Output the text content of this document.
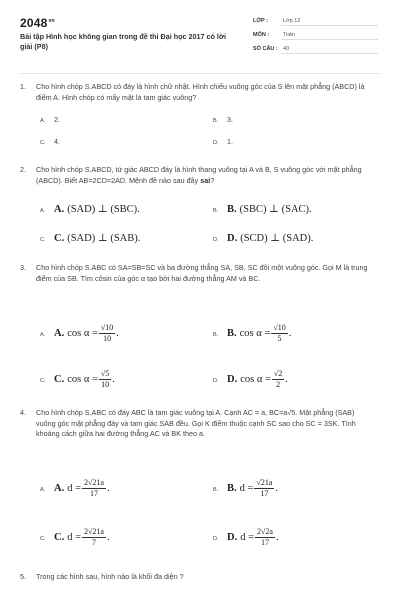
$2048_{vn}$
Bài tập Hình học không gian trong đề thi Đại học 2017 có lời giải (P8)
LỚP :	Lớp 12
MÔN :	Toán
SỐ CÂU : 40
1. Cho hình chóp S.ABCD có đáy là hình chữ nhật. Hình chiếu vuông góc của S lên mặt phẳng (ABCD) là điểm A. Hình chóp có mấy mặt là tam giác vuông?
A. 2.	B. 3.
C. 4.	D. 1.
2. Cho hình chóp S.ABCD, tứ giác ABCD đáy là hình thang vuông tại A và B, S vuông góc với mặt phẳng (ABCD). Biết AB=2CD=2AD. Mệnh đề nào sau đây sai?
A. A. (SAD) ⊥ (SBC).	B. B. (SBC) ⊥ (SAC).
C. C. (SAD) ⊥ (SAB).	D. D. (SCD) ⊥ (SAD).
3. Cho hình chóp S.ABC có SA=SB=SC và ba đường thẳng SA, SB, SC đôi một vuông góc. Gọi M là trung điểm của SB. Tìm côsin của góc α tạo bởi hai đường thẳng AM và BC.
A. A. $\cos \alpha = \frac{√10}{10}$ .	B. B. $\cos \alpha = \frac{√10}{5}$ .
C. C. $\cos \alpha = \frac{√5}{10}$ .	D. D. $\cos \alpha = \frac{√2}{2}$ .
4. Cho hình chóp S.ABC có đáy ABC là tam giác vuông tại A. Cạnh AC = a, BC=a√5. Mặt phẳng (SAB) vuông góc mặt phẳng đáy và tam giác SAB đều. Gọi K điểm thuộc cạnh SC sao cho SC = 3SK. Tính khoảng cách giữa hai đường thẳng AC và BK theo a.
A. A. $d = \frac{2√21a}{17}$ .	B. B. $d = \frac{√21a}{17}$ .
C. C. $d = \frac{2√21a}{7}$ .	D. D. $d = \frac{2√2a}{17}$ .
5. Trong các hình sau, hình nào là khối đa diện ?
